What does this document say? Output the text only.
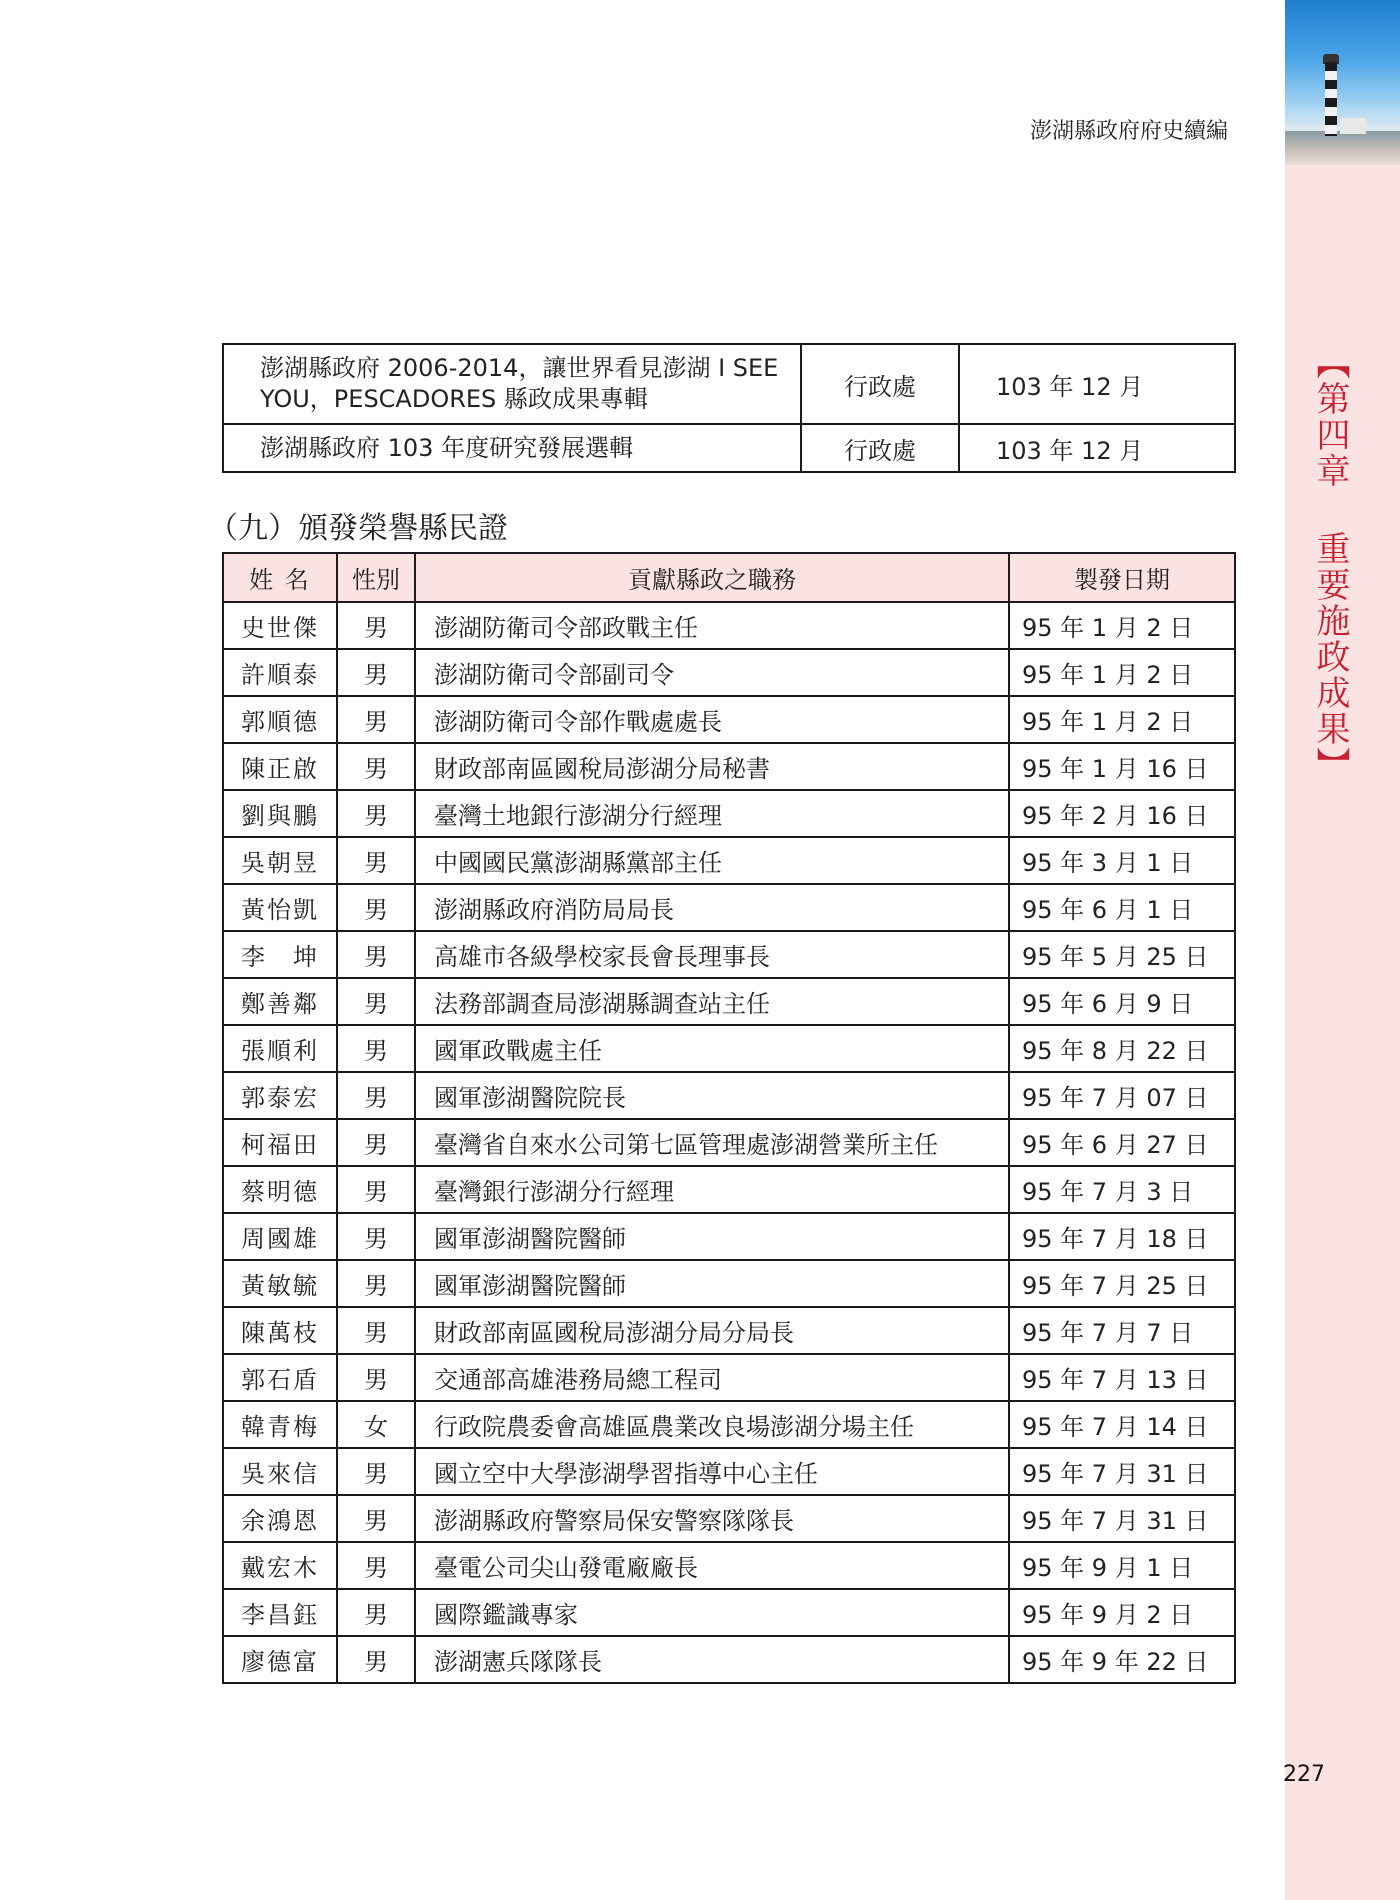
【第四章 重要施政成果】
澎湖縣政府府史續編
澎湖縣政府 2006-2014，讓世界看見澎湖 I SEE YOU，PESCADORES 縣政成果專輯	行政處	103 年 12 月
澎湖縣政府 103 年度研究發展選輯	行政處	103 年 12 月
（九）頒發榮譽縣民證
姓 名	性別	貢獻縣政之職務	製發日期
史世傑	男	澎湖防衛司令部政戰主任	95 年 1 月 2 日
許順泰	男	澎湖防衛司令部副司令	95 年 1 月 2 日
郭順德	男	澎湖防衛司令部作戰處處長	95 年 1 月 2 日
陳正啟	男	財政部南區國稅局澎湖分局秘書	95 年 1 月 16 日
劉與鵬	男	臺灣土地銀行澎湖分行經理	95 年 2 月 16 日
吳朝昱	男	中國國民黨澎湖縣黨部主任	95 年 3 月 1 日
黃怡凱	男	澎湖縣政府消防局局長	95 年 6 月 1 日
李　坤	男	高雄市各級學校家長會長理事長	95 年 5 月 25 日
鄭善鄰	男	法務部調查局澎湖縣調查站主任	95 年 6 月 9 日
張順利	男	國軍政戰處主任	95 年 8 月 22 日
郭泰宏	男	國軍澎湖醫院院長	95 年 7 月 07 日
柯福田	男	臺灣省自來水公司第七區管理處澎湖營業所主任	95 年 6 月 27 日
蔡明德	男	臺灣銀行澎湖分行經理	95 年 7 月 3 日
周國雄	男	國軍澎湖醫院醫師	95 年 7 月 18 日
黃敏毓	男	國軍澎湖醫院醫師	95 年 7 月 25 日
陳萬枝	男	財政部南區國稅局澎湖分局分局長	95 年 7 月 7 日
郭石盾	男	交通部高雄港務局總工程司	95 年 7 月 13 日
韓青梅	女	行政院農委會高雄區農業改良場澎湖分場主任	95 年 7 月 14 日
吳來信	男	國立空中大學澎湖學習指導中心主任	95 年 7 月 31 日
余鴻恩	男	澎湖縣政府警察局保安警察隊隊長	95 年 7 月 31 日
戴宏木	男	臺電公司尖山發電廠廠長	95 年 9 月 1 日
李昌鈺	男	國際鑑識專家	95 年 9 月 2 日
廖德富	男	澎湖憲兵隊隊長	95 年 9 年 22 日
227
